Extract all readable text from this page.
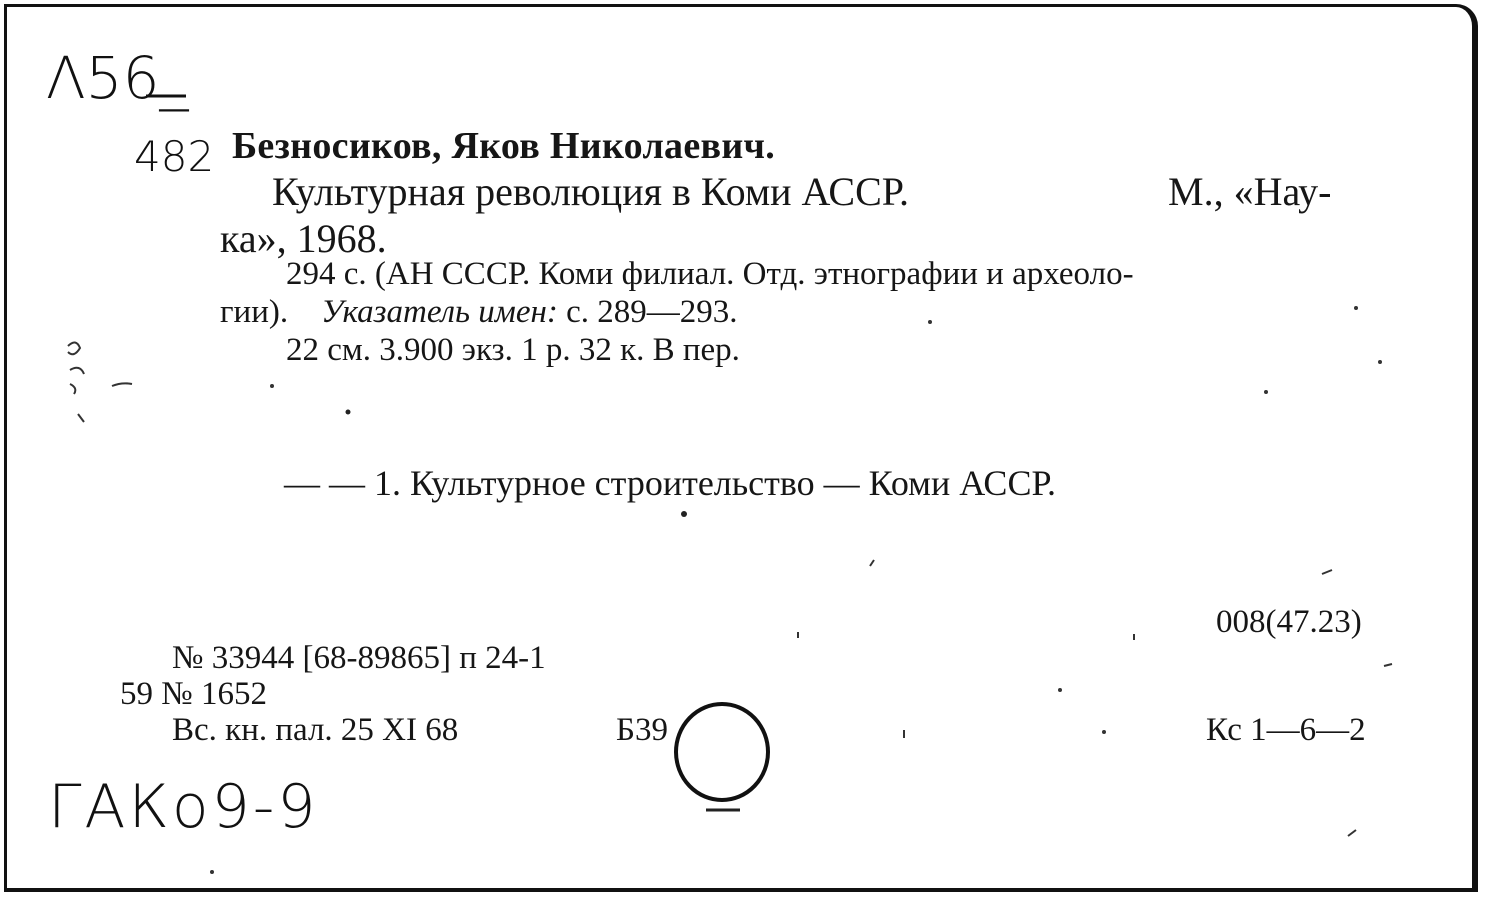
Λ56_
482
ГАКо9-9
Безносиков, Яков Николаевич.
Культурная революция в Коми АССР.	М., «Нау-
ка», 1968.
294 с. (АН СССР. Коми филиал. Отд. этнографии и археоло-
гии). Указатель имен: с. 289—293.
22 см. 3.900 экз. 1 р. 32 к. В пер.
— — 1. Культурное строительство — Коми АССР.
008(47.23)
№ 33944 [68-89865] п 24-1
59 № 1652
Вс. кн. пал. 25 XI 68	Б39	Кс 1—6—2
